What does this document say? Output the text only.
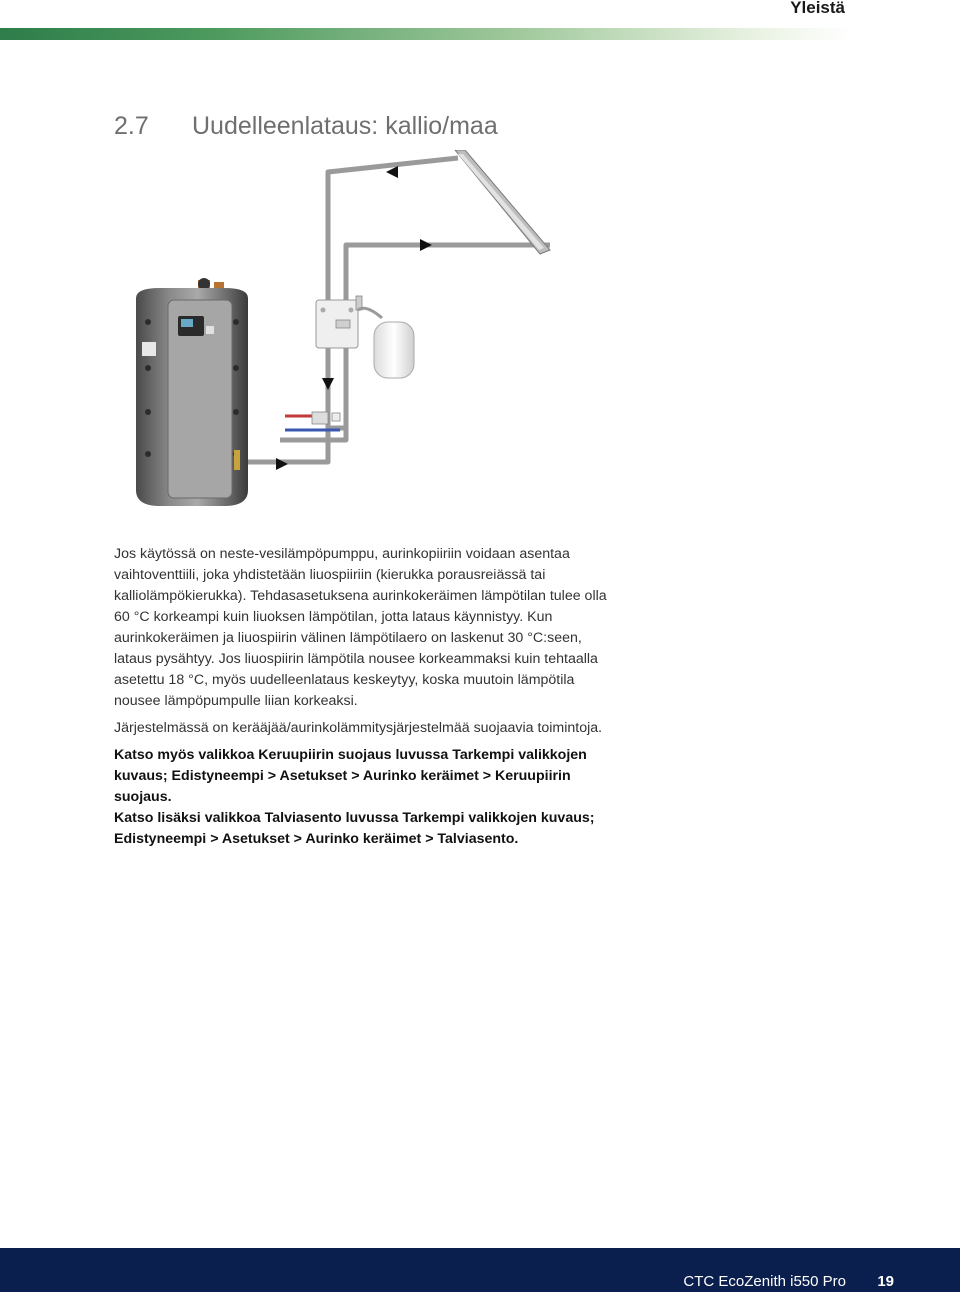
Yleistä
2.7	Uudelleenlataus: kallio/maa

Jos käytössä on neste-vesilämpöpumppu, aurinkopiiriin voidaan asentaa vaihtoventtiili, joka yhdistetään liuospiiriin (kierukka porausreiässä tai kalliolämpökierukka). Tehdasasetuksena aurinkokeräimen lämpötilan tulee olla 60 °C korkeampi kuin liuoksen lämpötilan, jotta lataus käynnistyy. Kun aurinkokeräimen ja liuospiirin välinen lämpötilaero on laskenut 30 °C:seen, lataus pysähtyy. Jos liuospiirin lämpötila nousee korkeammaksi kuin tehtaalla asetettu 18 °C, myös uudelleenlataus keskeytyy, koska muutoin lämpötila nousee lämpöpumpulle liian korkeaksi.

Järjestelmässä on kerääjää/aurinkolämmitysjärjestelmää suojaavia toimintoja.

Katso myös valikkoa Keruupiirin suojaus luvussa Tarkempi valikkojen kuvaus; Edistyneempi > Asetukset > Aurinko keräimet > Keruupiirin suojaus.

Katso lisäksi valikkoa Talviasento luvussa Tarkempi valikkojen kuvaus; Edistyneempi > Asetukset > Aurinko keräimet > Talviasento.

CTC EcoZenith i550 Pro 19
